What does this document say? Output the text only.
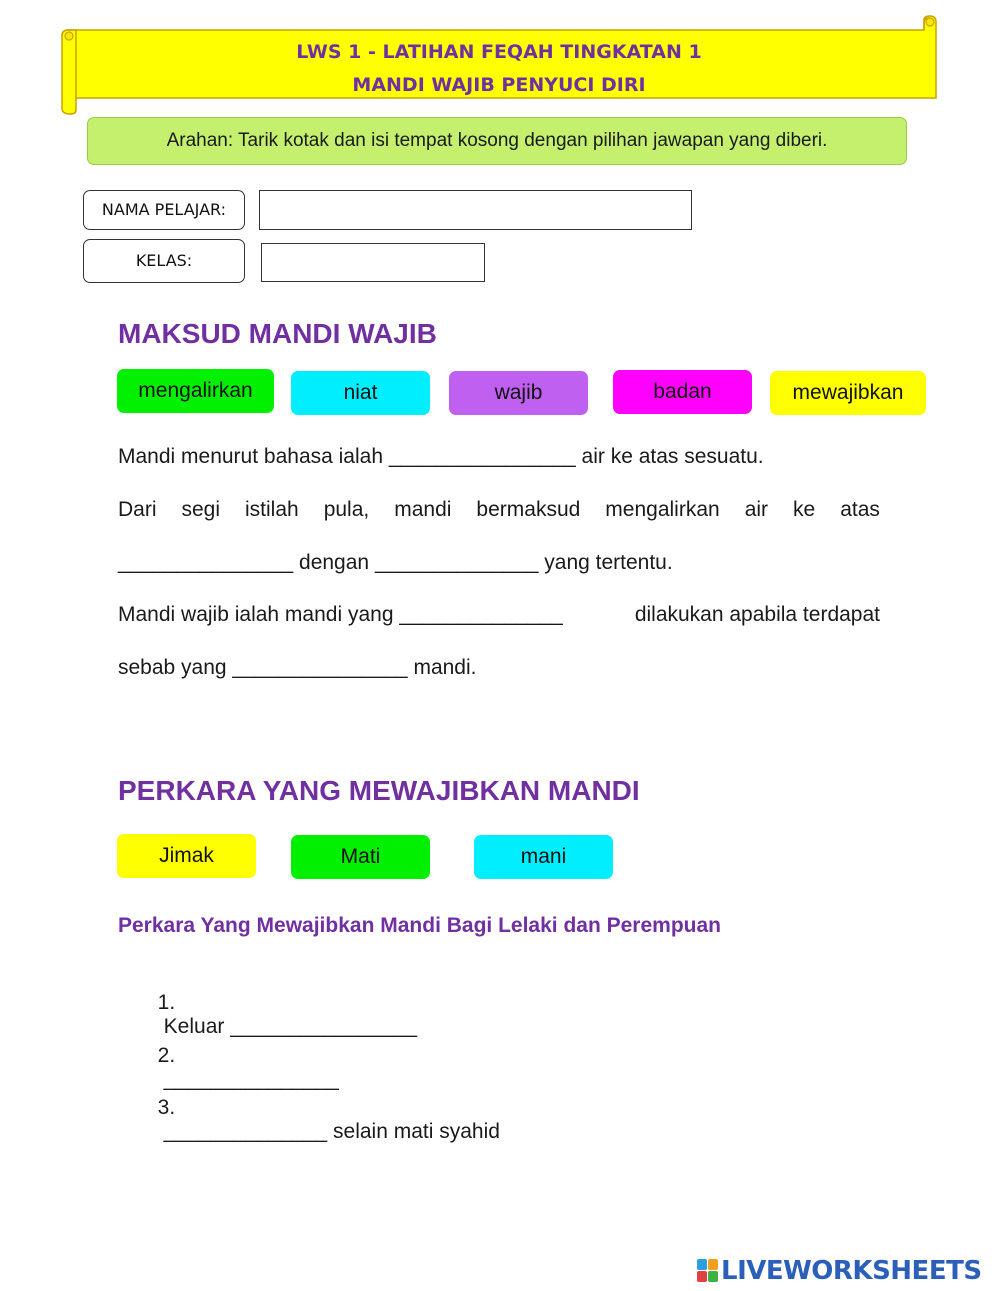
LWS 1 - LATIHAN FEQAH TINGKATAN 1
MANDI WAJIB PENYUCI DIRI
Arahan: Tarik kotak dan isi tempat kosong dengan pilihan jawapan yang diberi.
NAMA PELAJAR:
KELAS:
MAKSUD MANDI WAJIB
mengalirkan	niat	wajib	badan	mewajibkan
Mandi menurut bahasa ialah ________________ air ke atas sesuatu.
Dari segi istilah pula, mandi bermaksud mengalirkan air ke atas
_______________ dengan ______________ yang tertentu.
Mandi wajib ialah mandi yang ______________	dilakukan apabila terdapat
sebab yang _______________ mandi.
PERKARA YANG MEWAJIBKAN MANDI
Jimak	Mati	mani
Perkara Yang Mewajibkan Mandi Bagi Lelaki dan Perempuan

1.
Keluar ________________

2.
_______________

3.
______________ selain mati syahid

LIVEWORKSHEETS
